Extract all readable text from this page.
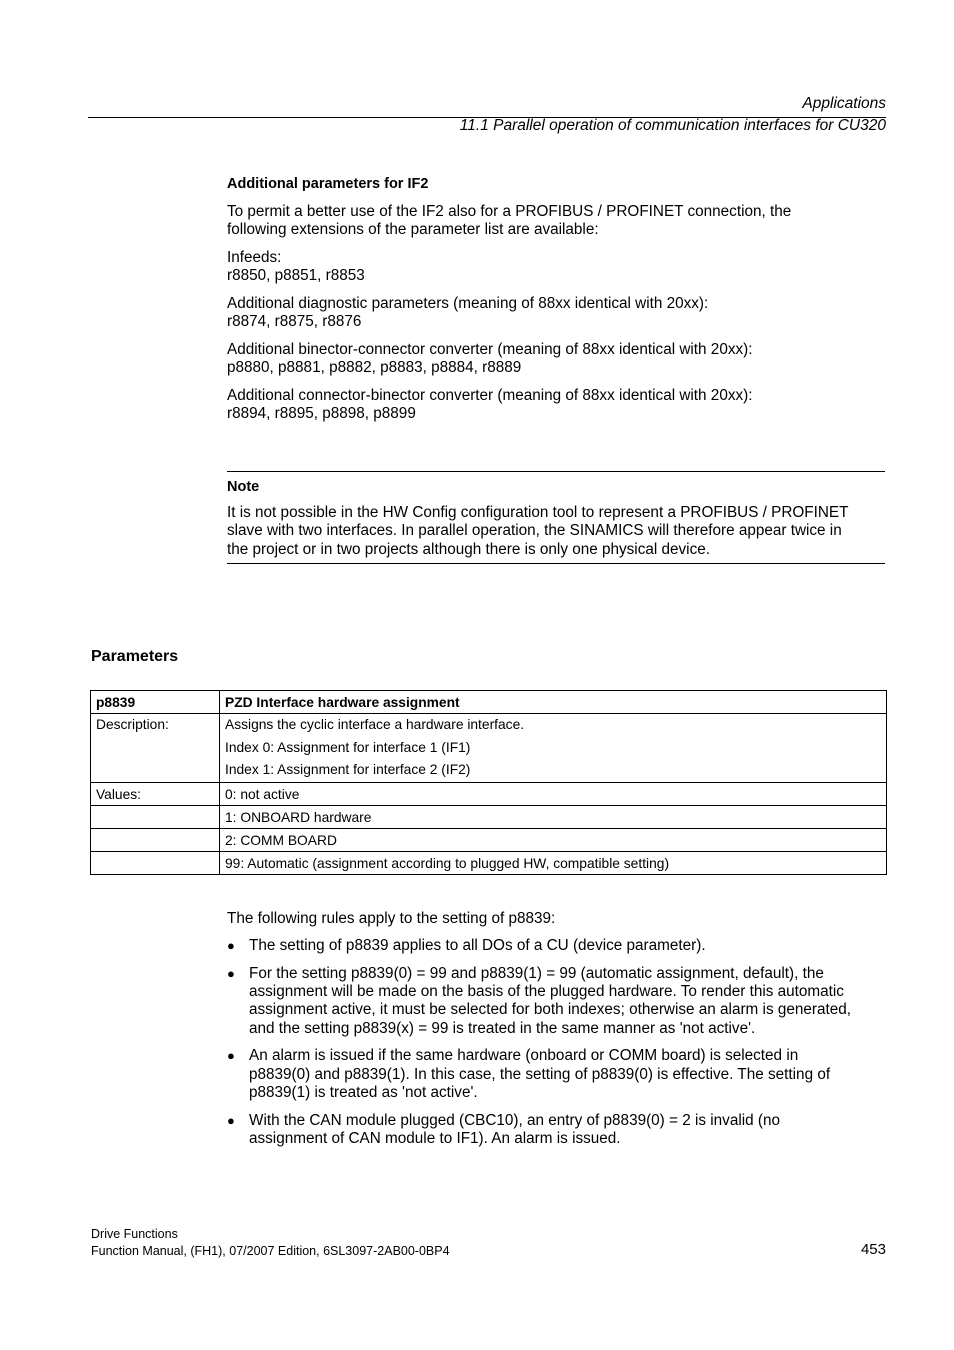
Applications
11.1 Parallel operation of communication interfaces for CU320
Additional parameters for IF2
To permit a better use of the IF2 also for a PROFIBUS / PROFINET connection, the
following extensions of the parameter list are available:
Infeeds:
r8850, p8851, r8853
Additional diagnostic parameters (meaning of 88xx identical with 20xx):
r8874, r8875, r8876
Additional binector-connector converter (meaning of 88xx identical with 20xx):
p8880, p8881, p8882, p8883, p8884, r8889
Additional connector-binector converter (meaning of 88xx identical with 20xx):
r8894, r8895, p8898, p8899
Note
It is not possible in the HW Config configuration tool to represent a PROFIBUS / PROFINET
slave with two interfaces. In parallel operation, the SINAMICS will therefore appear twice in
the project or in two projects although there is only one physical device.
Parameters
p8839	PZD Interface hardware assignment

Description:	Assigns the cyclic interface a hardware interface.
Index 0: Assignment for interface 1 (IF1)
Index 1: Assignment for interface 2 (IF2)

Values:	0: not active
	1: ONBOARD hardware
	2: COMM BOARD
	99: Automatic (assignment according to plugged HW, compatible setting)
The following rules apply to the setting of p8839:
● The setting of p8839 applies to all DOs of a CU (device parameter).
● For the setting p8839(0) = 99 and p8839(1) = 99 (automatic assignment, default), the
assignment will be made on the basis of the plugged hardware. To render this automatic
assignment active, it must be selected for both indexes; otherwise an alarm is generated,
and the setting p8839(x) = 99 is treated in the same manner as 'not active'.
● An alarm is issued if the same hardware (onboard or COMM board) is selected in
p8839(0) and p8839(1). In this case, the setting of p8839(0) is effective. The setting of
p8839(1) is treated as 'not active'.
● With the CAN module plugged (CBC10), an entry of p8839(0) = 2 is invalid (no
assignment of CAN module to IF1). An alarm is issued.
Drive Functions
Function Manual, (FH1), 07/2007 Edition, 6SL3097-2AB00-0BP4	453
